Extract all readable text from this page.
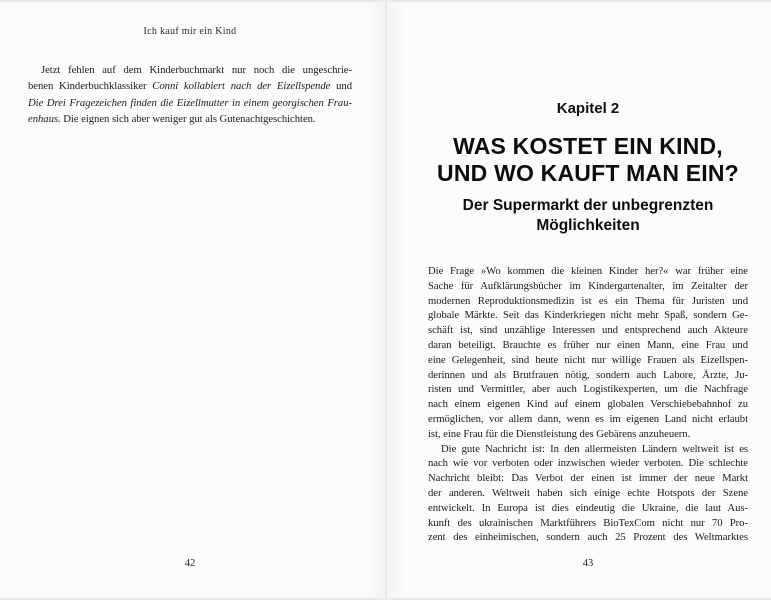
Ich kauf mir ein Kind
Jetzt fehlen auf dem Kinderbuchmarkt nur noch die ungeschrie-
benen Kinderbuchklassiker Conni kollabiert nach der Eizellspende und
Die Drei Fragezeichen finden die Eizellmutter in einem georgischen Frau-
enhaus. Die eignen sich aber weniger gut als Gutenachtgeschichten.
42
Kapitel 2
WAS KOSTET EIN KIND,
UND WO KAUFT MAN EIN?
Der Supermarkt der unbegrenzten
Möglichkeiten
Die Frage »Wo kommen die kleinen Kinder her?« war früher eine
Sache für Aufklärungsbücher im Kindergartenalter, im Zeitalter der
modernen Reproduktionsmedizin ist es ein Thema für Juristen und
globale Märkte. Seit das Kinderkriegen nicht mehr Spaß, sondern Ge-
schäft ist, sind unzählige Interessen und entsprechend auch Akteure
daran beteiligt. Brauchte es früher nur einen Mann, eine Frau und
eine Gelegenheit, sind heute nicht nur willige Frauen als Eizellspen-
derinnen und als Brutfrauen nötig, sondern auch Labore, Ärzte, Ju-
risten und Vermittler, aber auch Logistikexperten, um die Nachfrage
nach einem eigenen Kind auf einem globalen Verschiebebahnhof zu
ermöglichen, vor allem dann, wenn es im eigenen Land nicht erlaubt
ist, eine Frau für die Dienstleistung des Gebärens anzuheuern.
Die gute Nachricht ist: In den allermeisten Ländern weltweit ist es
nach wie vor verboten oder inzwischen wieder verboten. Die schlechte
Nachricht bleibt: Das Verbot der einen ist immer der neue Markt
der anderen. Weltweit haben sich einige echte Hotspots der Szene
entwickelt. In Europa ist dies eindeutig die Ukraine, die laut Aus-
kunft des ukrainischen Marktführers BioTexCom nicht nur 70 Pro-
zent des einheimischen, sondern auch 25 Prozent des Weltmarktes
43
